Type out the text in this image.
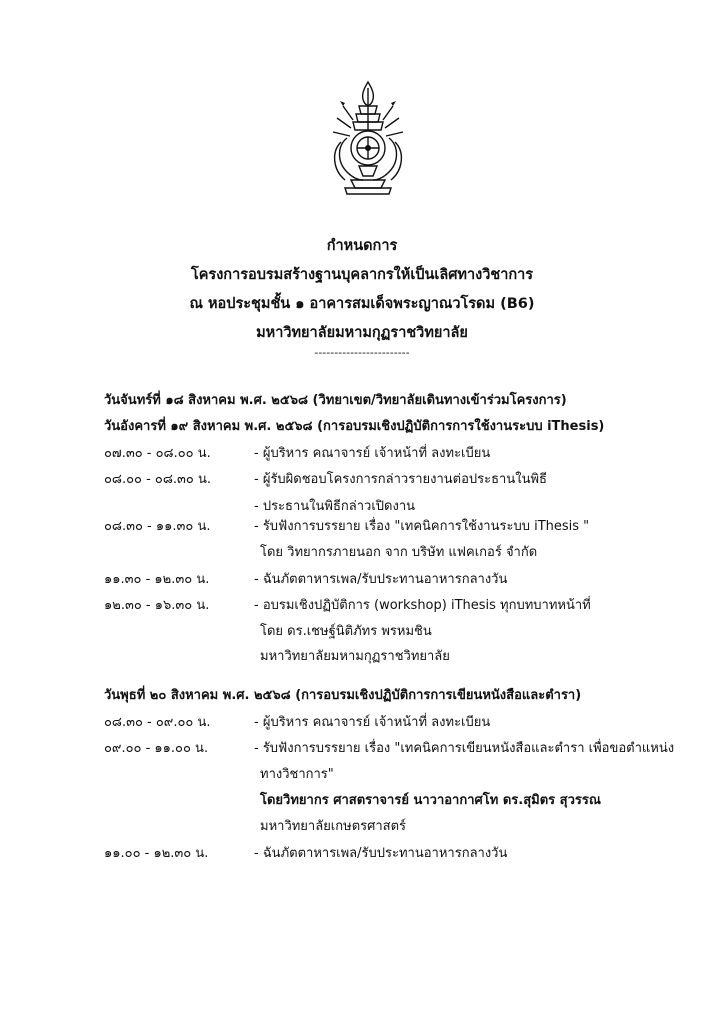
กำหนดการ
โครงการอบรมสร้างฐานบุคลากรให้เป็นเลิศทางวิชาการ
ณ หอประชุมชั้น ๑ อาคารสมเด็จพระญาณวโรดม (B6)
มหาวิทยาลัยมหามกุฏราชวิทยาลัย
------------------------
วันจันทร์ที่ ๑๘ สิงหาคม พ.ศ. ๒๕๖๘ (วิทยาเขต/วิทยาลัยเดินทางเข้าร่วมโครงการ)
วันอังคารที่ ๑๙ สิงหาคม พ.ศ. ๒๕๖๘ (การอบรมเชิงปฏิบัติการการใช้งานระบบ iThesis)
๐๗.๓๐ - ๐๘.๐๐ น.	- ผู้บริหาร คณาจารย์ เจ้าหน้าที่ ลงทะเบียน
๐๘.๐๐ - ๐๘.๓๐ น.	- ผู้รับผิดชอบโครงการกล่าวรายงานต่อประธานในพิธี
- ประธานในพิธีกล่าวเปิดงาน
๐๘.๓๐ - ๑๑.๓๐ น.	- รับฟังการบรรยาย เรื่อง "เทคนิคการใช้งานระบบ iThesis "
โดย วิทยากรภายนอก จาก บริษัท แฟคเกอร์ จำกัด
๑๑.๓๐ - ๑๒.๓๐ น.	- ฉันภัตตาหารเพล/รับประทานอาหารกลางวัน
๑๒.๓๐ - ๑๖.๓๐ น.	- อบรมเชิงปฏิบัติการ (workshop) iThesis ทุกบทบาทหน้าที่
โดย ดร.เชษฐ์นิติภัทร พรหมชิน
มหาวิทยาลัยมหามกุฏราชวิทยาลัย
วันพุธที่ ๒๐ สิงหาคม พ.ศ. ๒๕๖๘ (การอบรมเชิงปฏิบัติการการเขียนหนังสือและตำรา)
๐๘.๓๐ - ๐๙.๐๐ น.	- ผู้บริหาร คณาจารย์ เจ้าหน้าที่ ลงทะเบียน
๐๙.๐๐ - ๑๑.๐๐ น.	- รับฟังการบรรยาย เรื่อง "เทคนิคการเขียนหนังสือและตำรา เพื่อขอตำแหน่ง
ทางวิชาการ"
โดยวิทยากร ศาสตราจารย์ นาวาอากาศโท ดร.สุมิตร สุวรรณ
มหาวิทยาลัยเกษตรศาสตร์
๑๑.๐๐ - ๑๒.๓๐ น.	- ฉันภัตตาหารเพล/รับประทานอาหารกลางวัน
